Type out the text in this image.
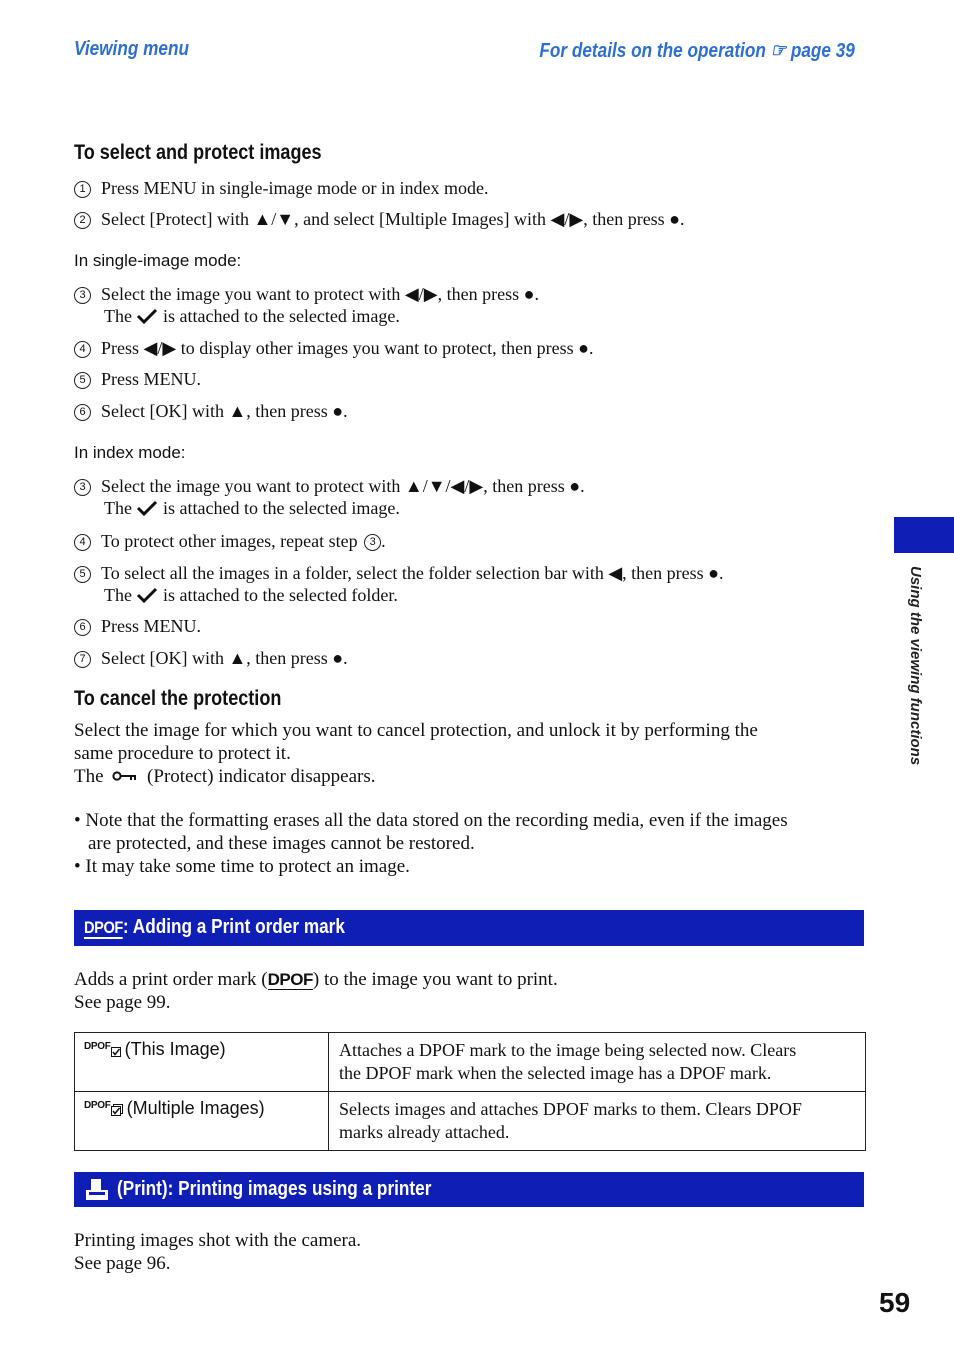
Viewing menu	For details on the operation ☞ page 39
To select and protect images
1 Press MENU in single-image mode or in index mode.
2 Select [Protect] with ▲/▼, and select [Multiple Images] with ◀/▶, then press ●.
In single-image mode:
3 Select the image you want to protect with ◀/▶, then press ●.
The is attached to the selected image.
4 Press ◀/▶ to display other images you want to protect, then press ●.
5 Press MENU.
6 Select [OK] with ▲, then press ●.
In index mode:
3 Select the image you want to protect with ▲/▼/◀/▶, then press ●.
The is attached to the selected image.
4 To protect other images, repeat step 3 .
5 To select all the images in a folder, select the folder selection bar with ◀, then press ●.
The is attached to the selected folder.
6 Press MENU.
7 Select [OK] with ▲, then press ●.
To cancel the protection
Select the image for which you want to cancel protection, and unlock it by performing the
same procedure to protect it.
The (Protect) indicator disappears.
• Note that the formatting erases all the data stored on the recording media, even if the images
are protected, and these images cannot be restored.
• It may take some time to protect an image.
DPOF: Adding a Print order mark
Adds a print order mark (DPOF) to the image you want to print.
See page 99.
DPOF (This Image)	Attaches a DPOF mark to the image being selected now. Clears
the DPOF mark when the selected image has a DPOF mark.

DPOF (Multiple Images)	Selects images and attaches DPOF marks to them. Clears DPOF
marks already attached.
(Print): Printing images using a printer
Printing images shot with the camera.
See page 96.
Using the viewing functions
59
